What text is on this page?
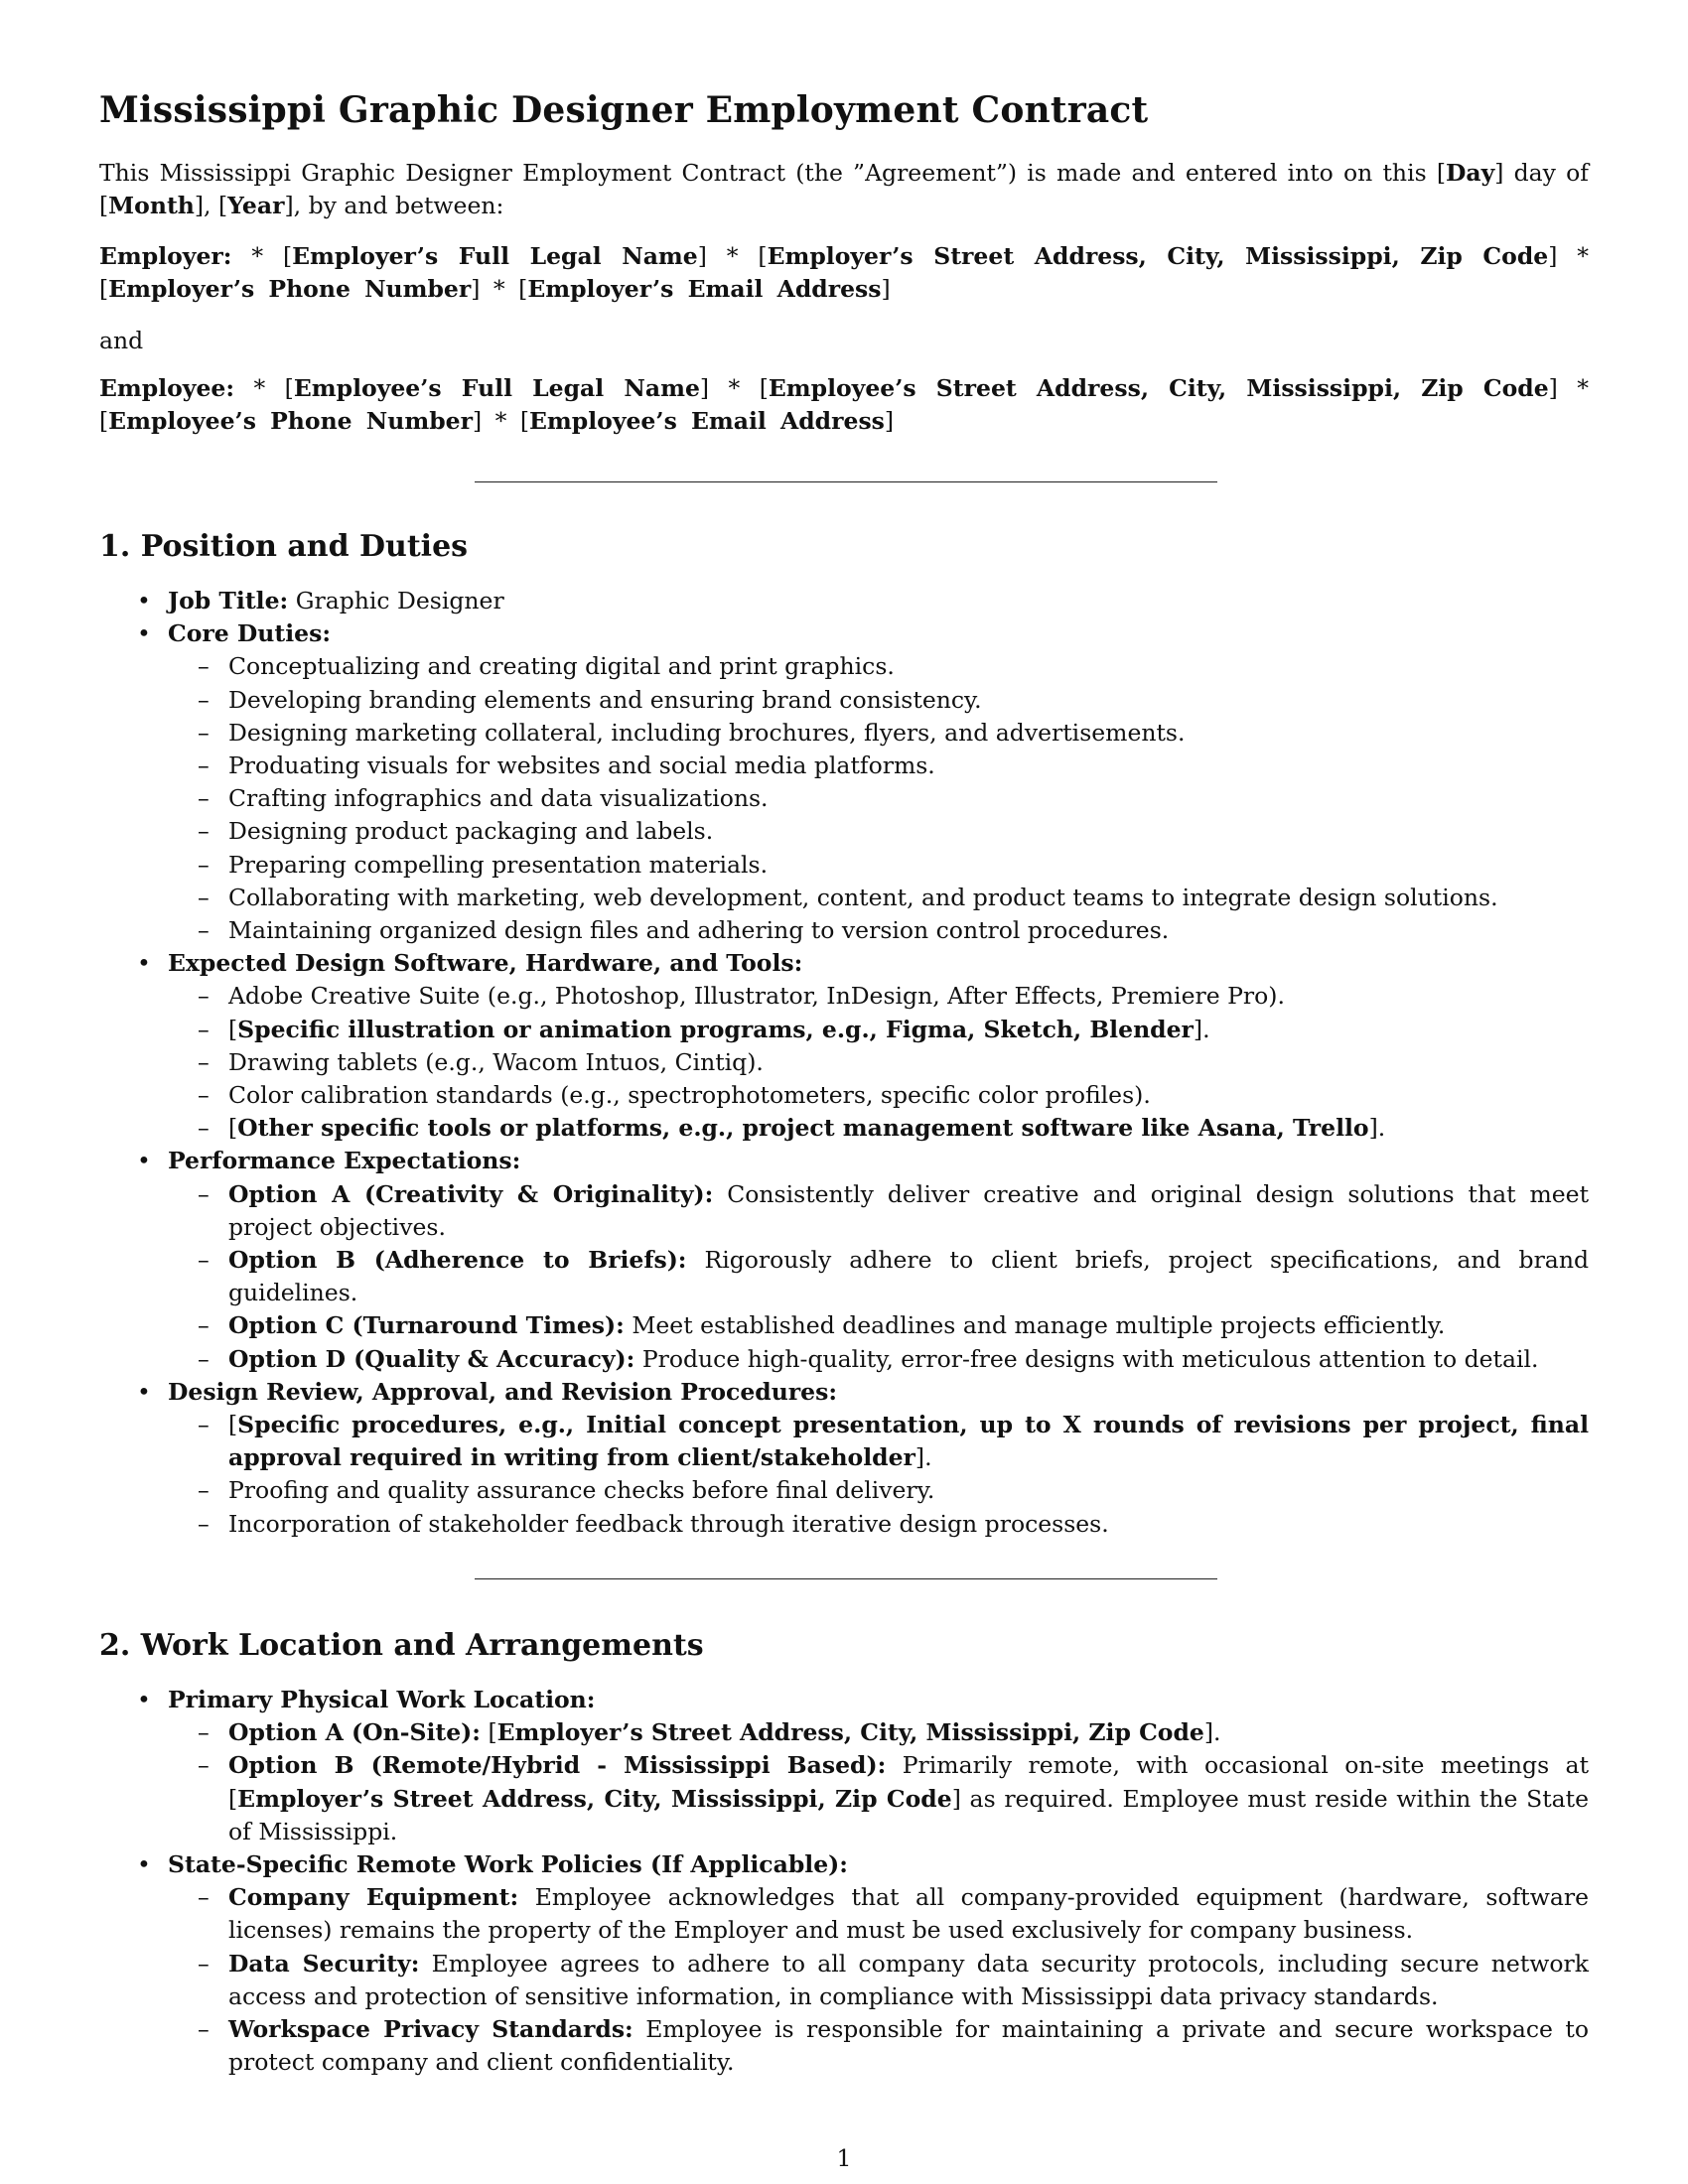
Mississippi Graphic Designer Employment Contract

This Mississippi Graphic Designer Employment Contract (the ”Agreement”) is made and entered into on this [Day] day of [Month], [Year], by and between:

Employer: * [Employer’s Full Legal Name] * [Employer’s Street Address, City, Mississippi, Zip Code] * [Employer’s Phone Number] * [Employer’s Email Address]

and

Employee: * [Employee’s Full Legal Name] * [Employee’s Street Address, City, Mississippi, Zip Code] * [Employee’s Phone Number] * [Employee’s Email Address]

1. Position and Duties
• Job Title: Graphic Designer
• Core Duties:
– Conceptualizing and creating digital and print graphics.
– Developing branding elements and ensuring brand consistency.
– Designing marketing collateral, including brochures, flyers, and advertisements.
– Produating visuals for websites and social media platforms.
– Crafting infographics and data visualizations.
– Designing product packaging and labels.
– Preparing compelling presentation materials.
– Collaborating with marketing, web development, content, and product teams to integrate design solutions.
– Maintaining organized design files and adhering to version control procedures.
• Expected Design Software, Hardware, and Tools:
– Adobe Creative Suite (e.g., Photoshop, Illustrator, InDesign, After Effects, Premiere Pro).
– [Specific illustration or animation programs, e.g., Figma, Sketch, Blender].
– Drawing tablets (e.g., Wacom Intuos, Cintiq).
– Color calibration standards (e.g., spectrophotometers, specific color profiles).
– [Other specific tools or platforms, e.g., project management software like Asana, Trello].
• Performance Expectations:
– Option A (Creativity & Originality): Consistently deliver creative and original design solutions that meet project objectives.
– Option B (Adherence to Briefs): Rigorously adhere to client briefs, project specifications, and brand guidelines.
– Option C (Turnaround Times): Meet established deadlines and manage multiple projects efficiently.
– Option D (Quality & Accuracy): Produce high-quality, error-free designs with meticulous attention to detail.
• Design Review, Approval, and Revision Procedures:
– [Specific procedures, e.g., Initial concept presentation, up to X rounds of revisions per project, final approval required in writing from client/stakeholder].
– Proofing and quality assurance checks before final delivery.
– Incorporation of stakeholder feedback through iterative design processes.
2. Work Location and Arrangements
• Primary Physical Work Location:
– Option A (On-Site): [Employer’s Street Address, City, Mississippi, Zip Code].
– Option B (Remote/Hybrid - Mississippi Based): Primarily remote, with occasional on-site meetings at [Employer’s Street Address, City, Mississippi, Zip Code] as required. Employee must reside within the State of Mississippi.
• State-Specific Remote Work Policies (If Applicable):
– Company Equipment: Employee acknowledges that all company-provided equipment (hardware, software licenses) remains the property of the Employer and must be used exclusively for company business.
– Data Security: Employee agrees to adhere to all company data security protocols, including secure network access and protection of sensitive information, in compliance with Mississippi data privacy standards.
– Workspace Privacy Standards: Employee is responsible for maintaining a private and secure workspace to protect company and client confidentiality.
1
